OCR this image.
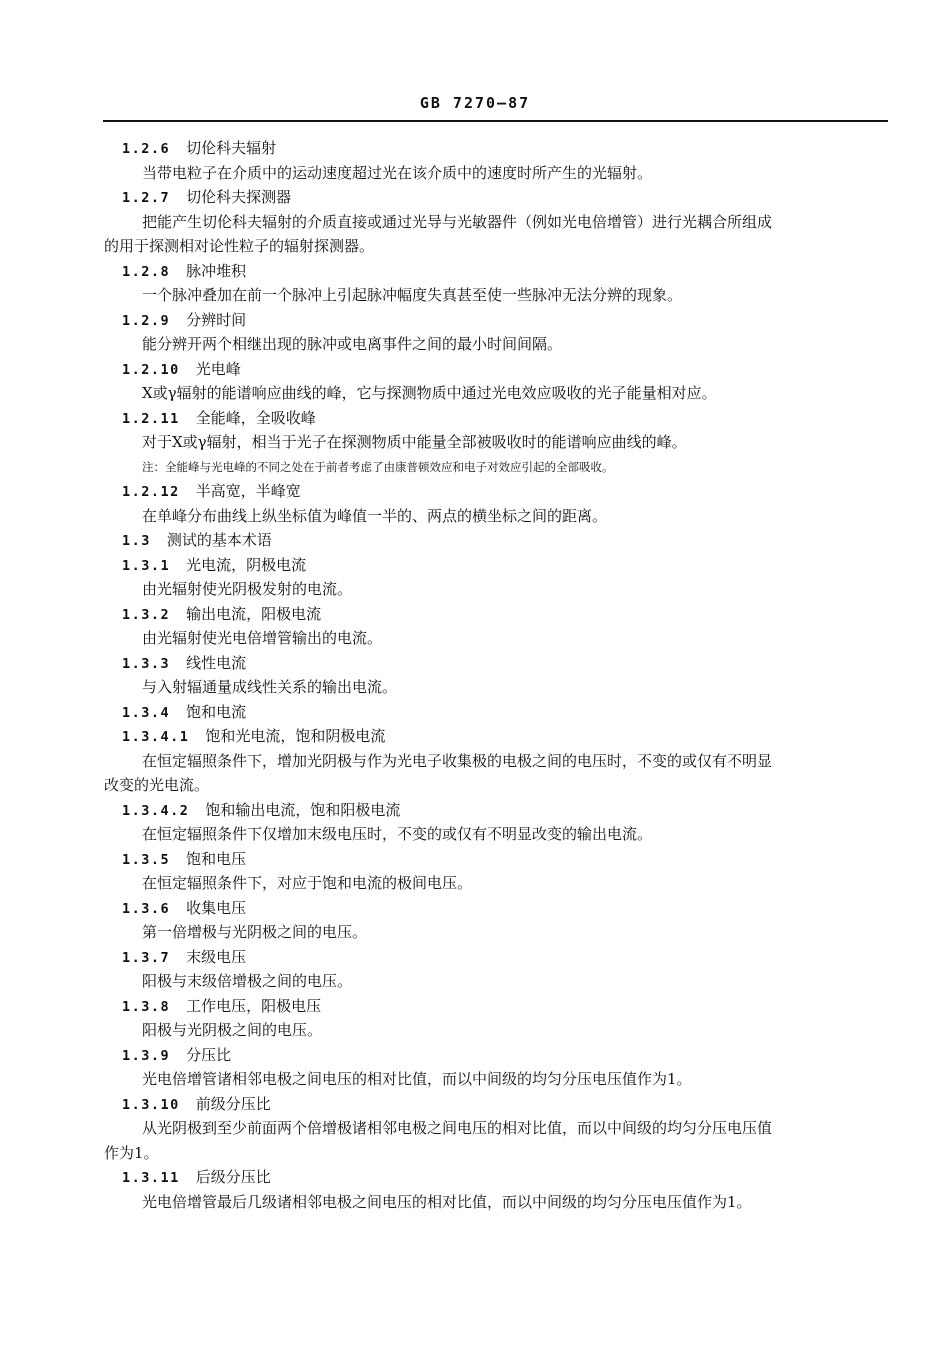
GB 7270—87
1.2.6 切伦科夫辐射
当带电粒子在介质中的运动速度超过光在该介质中的速度时所产生的光辐射。
1.2.7 切伦科夫探测器
把能产生切伦科夫辐射的介质直接或通过光导与光敏器件（例如光电倍增管）进行光耦合所组成
的用于探测相对论性粒子的辐射探测器。
1.2.8 脉冲堆积
一个脉冲叠加在前一个脉冲上引起脉冲幅度失真甚至使一些脉冲无法分辨的现象。
1.2.9 分辨时间
能分辨开两个相继出现的脉冲或电离事件之间的最小时间间隔。
1.2.10 光电峰
X或γ辐射的能谱响应曲线的峰，它与探测物质中通过光电效应吸收的光子能量相对应。
1.2.11 全能峰，全吸收峰
对于X或γ辐射，相当于光子在探测物质中能量全部被吸收时的能谱响应曲线的峰。
注：全能峰与光电峰的不同之处在于前者考虑了由康普顿效应和电子对效应引起的全部吸收。
1.2.12 半高宽，半峰宽
在单峰分布曲线上纵坐标值为峰值一半的、两点的横坐标之间的距离。
1.3 测试的基本术语
1.3.1 光电流，阴极电流
由光辐射使光阴极发射的电流。
1.3.2 输出电流，阳极电流
由光辐射使光电倍增管输出的电流。
1.3.3 线性电流
与入射辐通量成线性关系的输出电流。
1.3.4 饱和电流
1.3.4.1 饱和光电流，饱和阴极电流
在恒定辐照条件下，增加光阴极与作为光电子收集极的电极之间的电压时，不变的或仅有不明显
改变的光电流。
1.3.4.2 饱和输出电流，饱和阳极电流
在恒定辐照条件下仅增加末级电压时，不变的或仅有不明显改变的输出电流。
1.3.5 饱和电压
在恒定辐照条件下，对应于饱和电流的极间电压。
1.3.6 收集电压
第一倍增极与光阴极之间的电压。
1.3.7 末级电压
阳极与末级倍增极之间的电压。
1.3.8 工作电压，阳极电压
阳极与光阴极之间的电压。
1.3.9 分压比
光电倍增管诸相邻电极之间电压的相对比值，而以中间级的均匀分压电压值作为1。
1.3.10 前级分压比
从光阴极到至少前面两个倍增极诸相邻电极之间电压的相对比值，而以中间级的均匀分压电压值
作为1。
1.3.11 后级分压比
光电倍增管最后几级诸相邻电极之间电压的相对比值，而以中间级的均匀分压电压值作为1。
